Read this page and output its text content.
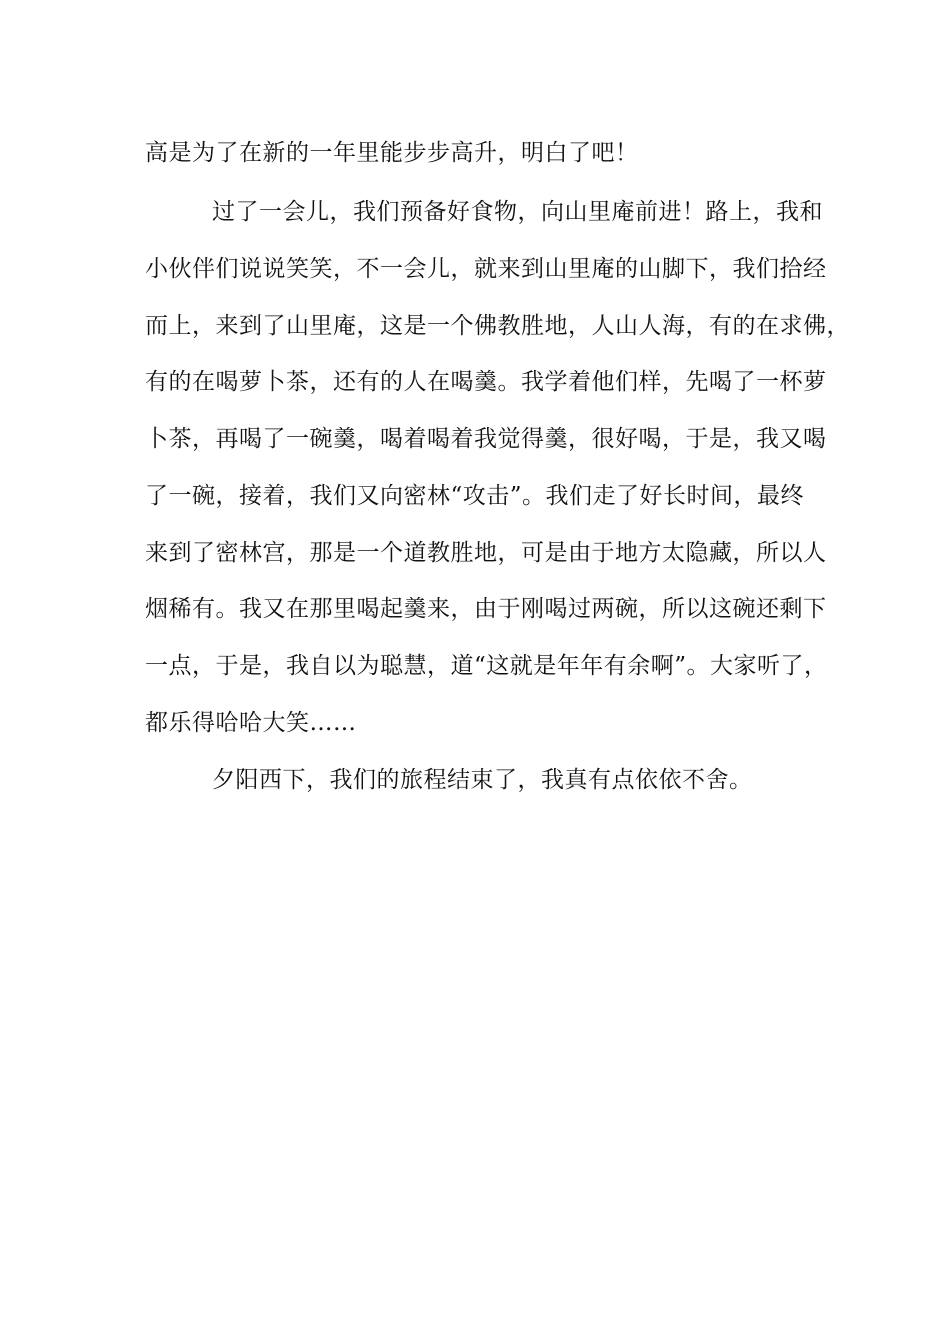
高是为了在新的一年里能步步高升，明白了吧！
过了一会儿，我们预备好食物，向山里庵前进！路上，我和
小伙伴们说说笑笑，不一会儿，就来到山里庵的山脚下，我们拾经
而上，来到了山里庵，这是一个佛教胜地，人山人海，有的在求佛，
有的在喝萝卜茶，还有的人在喝羹。我学着他们样，先喝了一杯萝
卜茶，再喝了一碗羹，喝着喝着我觉得羹，很好喝，于是，我又喝
了一碗，接着，我们又向密林“攻击”。我们走了好长时间，最终
来到了密林宫，那是一个道教胜地，可是由于地方太隐藏，所以人
烟稀有。我又在那里喝起羹来，由于刚喝过两碗，所以这碗还剩下
一点，于是，我自以为聪慧，道“这就是年年有余啊”。大家听了，
都乐得哈哈大笑……
夕阳西下，我们的旅程结束了，我真有点依依不舍。
